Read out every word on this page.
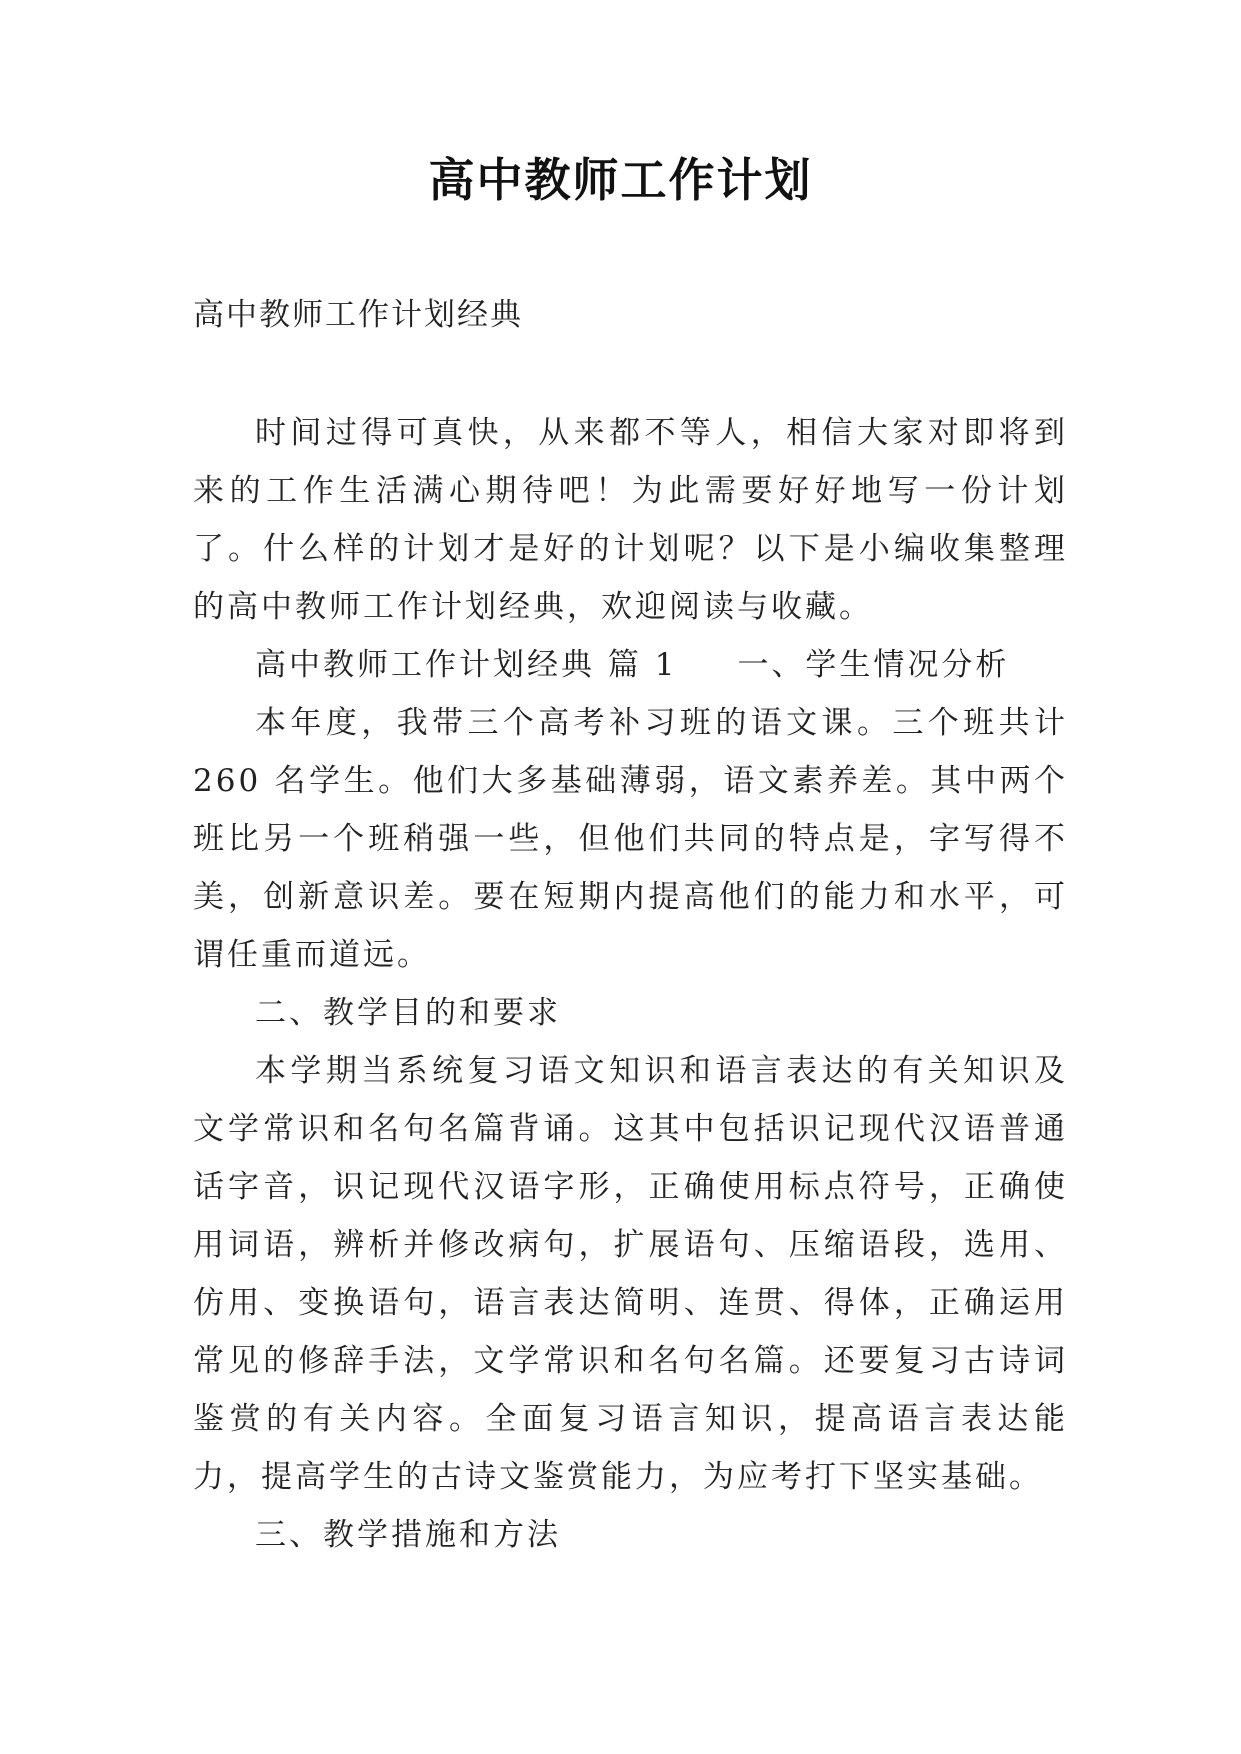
高中教师工作计划
高中教师工作计划经典

时间过得可真快，从来都不等人，相信大家对即将到来的工作生活满心期待吧！为此需要好好地写一份计划了。什么样的计划才是好的计划呢？以下是小编收集整理的高中教师工作计划经典，欢迎阅读与收藏。

高中教师工作计划经典 篇 1 一、学生情况分析

本年度，我带三个高考补习班的语文课。三个班共计 260 名学生。他们大多基础薄弱，语文素养差。其中两个班比另一个班稍强一些，但他们共同的特点是，字写得不美，创新意识差。要在短期内提高他们的能力和水平，可谓任重而道远。

二、教学目的和要求

本学期当系统复习语文知识和语言表达的有关知识及文学常识和名句名篇背诵。这其中包括识记现代汉语普通话字音，识记现代汉语字形，正确使用标点符号，正确使用词语，辨析并修改病句，扩展语句、压缩语段，选用、仿用、变换语句，语言表达简明、连贯、得体，正确运用常见的修辞手法，文学常识和名句名篇。还要复习古诗词鉴赏的有关内容。全面复习语言知识，提高语言表达能力，提高学生的古诗文鉴赏能力，为应考打下坚实基础。

三、教学措施和方法
